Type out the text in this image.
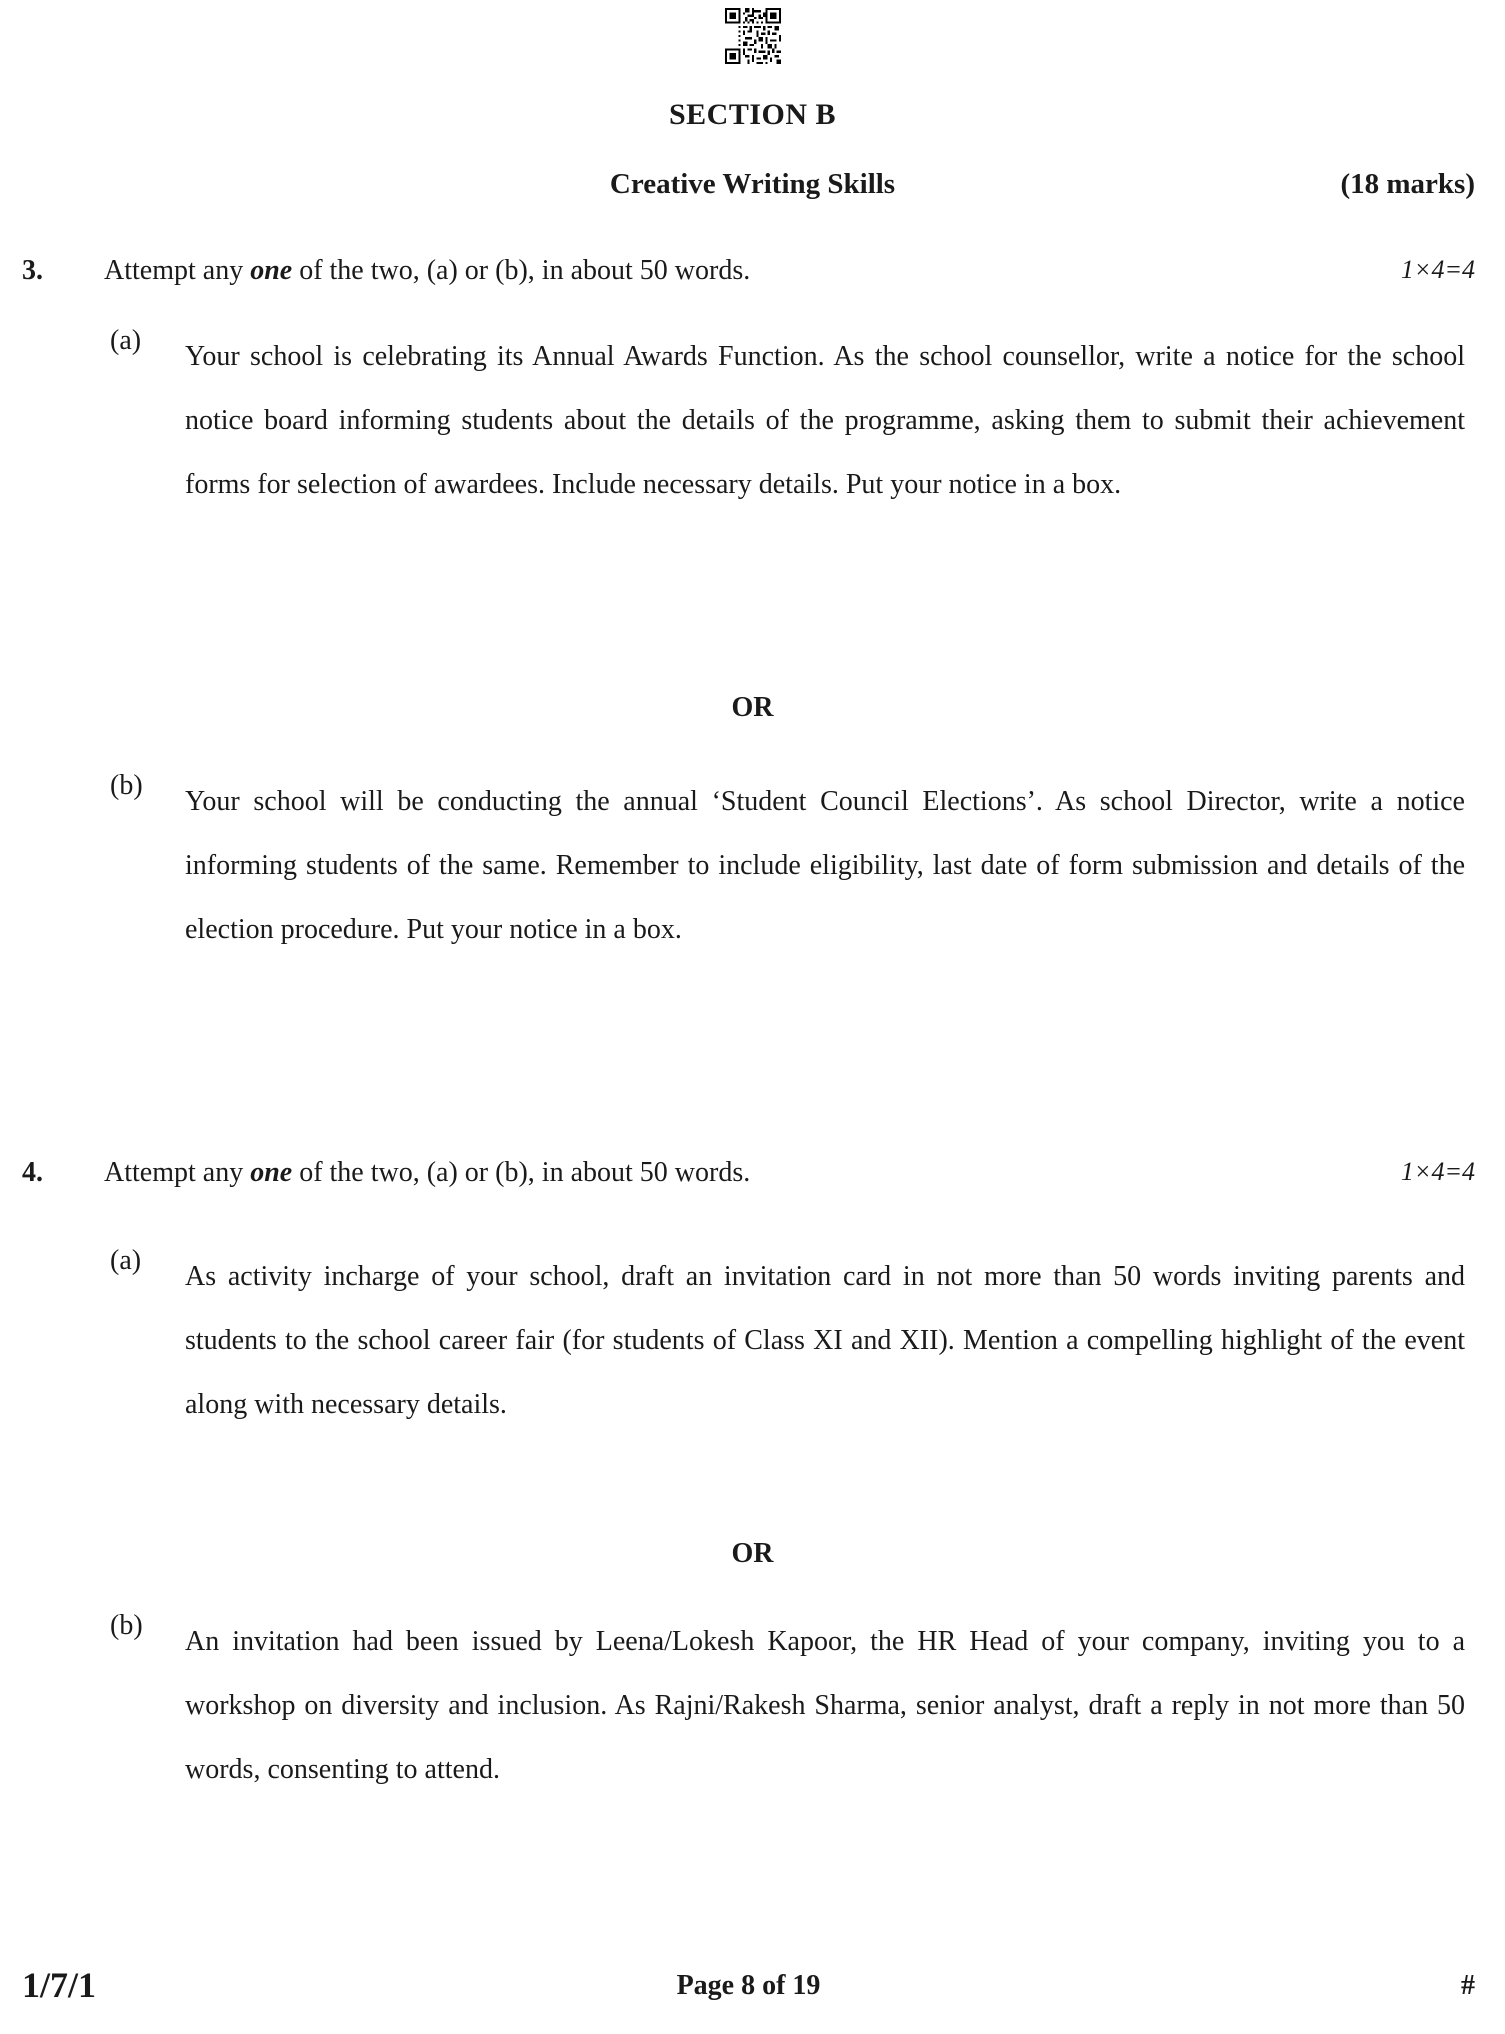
SECTION B
Creative Writing Skills	(18 marks)
3.	Attempt any one of the two, (a) or (b), in about 50 words.	1×4=4
(a)
Your school is celebrating its Annual Awards Function. As the school counsellor, write a notice for the school notice board informing students about the details of the programme, asking them to submit their achievement forms for selection of awardees. Include necessary details. Put your notice in a box.
OR
(b)
Your school will be conducting the annual ‘Student Council Elections’. As school Director, write a notice informing students of the same. Remember to include eligibility, last date of form submission and details of the election procedure. Put your notice in a box.
4.	Attempt any one of the two, (a) or (b), in about 50 words.	1×4=4
(a)
As activity incharge of your school, draft an invitation card in not more than 50 words inviting parents and students to the school career fair (for students of Class XI and XII). Mention a compelling highlight of the event along with necessary details.
OR
(b)
An invitation had been issued by Leena/Lokesh Kapoor, the HR Head of your company, inviting you to a workshop on diversity and inclusion. As Rajni/Rakesh Sharma, senior analyst, draft a reply in not more than 50 words, consenting to attend.
1/7/1	Page 8 of 19	#
